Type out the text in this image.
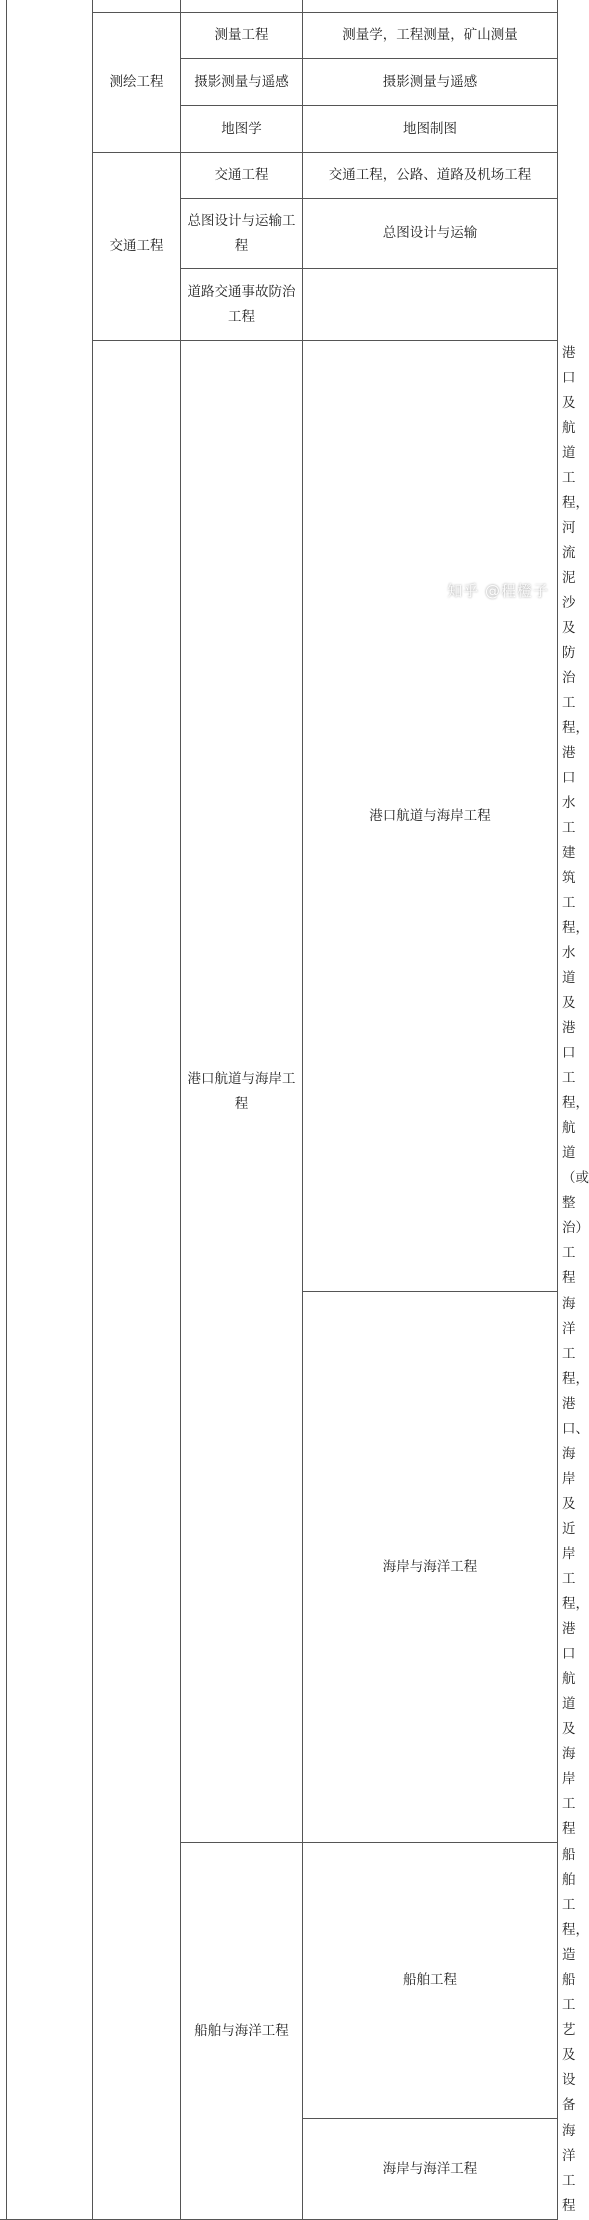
		测绘工程	测量工程	测量学，工程测量，矿山测量	
			摄影测量与遥感	摄影测量与遥感	
			地图学	地图制图	
		交通工程	交通工程	交通工程，公路、道路及机场工程	
			总图设计与运输工程	总图设计与运输	
			道路交通事故防治工程		
			港口航道与海岸工程	港口航道与海岸工程	港口及航道工程，河流泥沙及防治工程，港口水工建筑工程，水道及港口工程，航道（或整治）工程
				海岸与海洋工程	海洋工程，港口、海岸及近岸工程，港口航道及海岸工程
			船舶与海洋工程	船舶工程	船舶工程，造船工艺及设备
				海岸与海洋工程	海洋工程
知乎 @程橙子
